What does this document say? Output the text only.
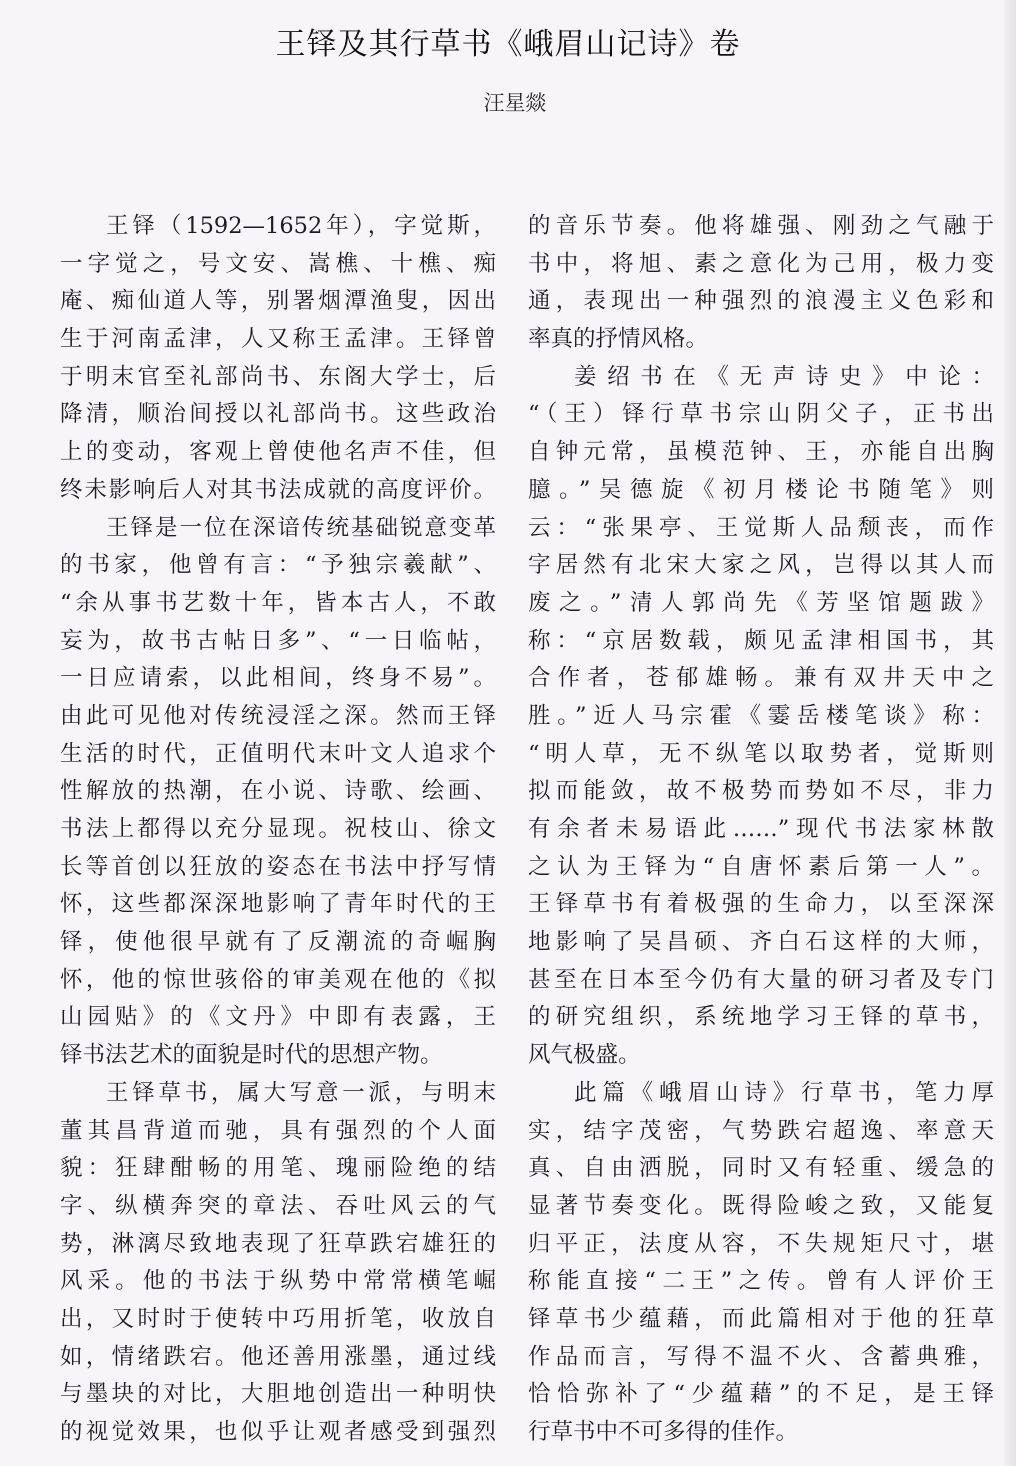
王铎及其行草书《峨眉山记诗》卷
汪星燚
王铎（1592—1652年），字觉斯，
一字觉之，号文安、嵩樵、十樵、痴
庵、痴仙道人等，别署烟潭渔叟，因出
生于河南孟津，人又称王孟津。王铎曾
于明末官至礼部尚书、东阁大学士，后
降清，顺治间授以礼部尚书。这些政治
上的变动，客观上曾使他名声不佳，但
终未影响后人对其书法成就的高度评价。
王铎是一位在深谙传统基础锐意变革
的书家，他曾有言：“予独宗羲献”、
“余从事书艺数十年，皆本古人，不敢
妄为，故书古帖日多”、“一日临帖，
一日应请索，以此相间，终身不易”。
由此可见他对传统浸淫之深。然而王铎
生活的时代，正值明代末叶文人追求个
性解放的热潮，在小说、诗歌、绘画、
书法上都得以充分显现。祝枝山、徐文
长等首创以狂放的姿态在书法中抒写情
怀，这些都深深地影响了青年时代的王
铎，使他很早就有了反潮流的奇崛胸
怀，他的惊世骇俗的审美观在他的《拟
山园贴》的《文丹》中即有表露，王
铎书法艺术的面貌是时代的思想产物。
王铎草书，属大写意一派，与明末
董其昌背道而驰，具有强烈的个人面
貌：狂肆酣畅的用笔、瑰丽险绝的结
字、纵横奔突的章法、吞吐风云的气
势，淋漓尽致地表现了狂草跌宕雄狂的
风采。他的书法于纵势中常常横笔崛
出，又时时于使转中巧用折笔，收放自
如，情绪跌宕。他还善用涨墨，通过线
与墨块的对比，大胆地创造出一种明快
的视觉效果，也似乎让观者感受到强烈
的音乐节奏。他将雄强、刚劲之气融于
书中，将旭、素之意化为己用，极力变
通，表现出一种强烈的浪漫主义色彩和
率真的抒情风格。
姜绍书在《无声诗史》中论：
“（王）铎行草书宗山阴父子，正书出
自钟元常，虽模范钟、王，亦能自出胸
臆。”吴德旋《初月楼论书随笔》则
云：“张果亭、王觉斯人品颓丧，而作
字居然有北宋大家之风，岂得以其人而
废之。”清人郭尚先《芳坚馆题跋》
称：“京居数载，颇见孟津相国书，其
合作者，苍郁雄畅。兼有双井天中之
胜。”近人马宗霍《霎岳楼笔谈》称：
“明人草，无不纵笔以取势者，觉斯则
拟而能敛，故不极势而势如不尽，非力
有余者未易语此……”现代书法家林散
之认为王铎为“自唐怀素后第一人”。
王铎草书有着极强的生命力，以至深深
地影响了吴昌硕、齐白石这样的大师，
甚至在日本至今仍有大量的研习者及专门
的研究组织，系统地学习王铎的草书，
风气极盛。
此篇《峨眉山诗》行草书，笔力厚
实，结字茂密，气势跌宕超逸、率意天
真、自由洒脱，同时又有轻重、缓急的
显著节奏变化。既得险峻之致，又能复
归平正，法度从容，不失规矩尺寸，堪
称能直接“二王”之传。曾有人评价王
铎草书少蕴藉，而此篇相对于他的狂草
作品而言，写得不温不火、含蓄典雅，
恰恰弥补了“少蕴藉”的不足，是王铎
行草书中不可多得的佳作。
